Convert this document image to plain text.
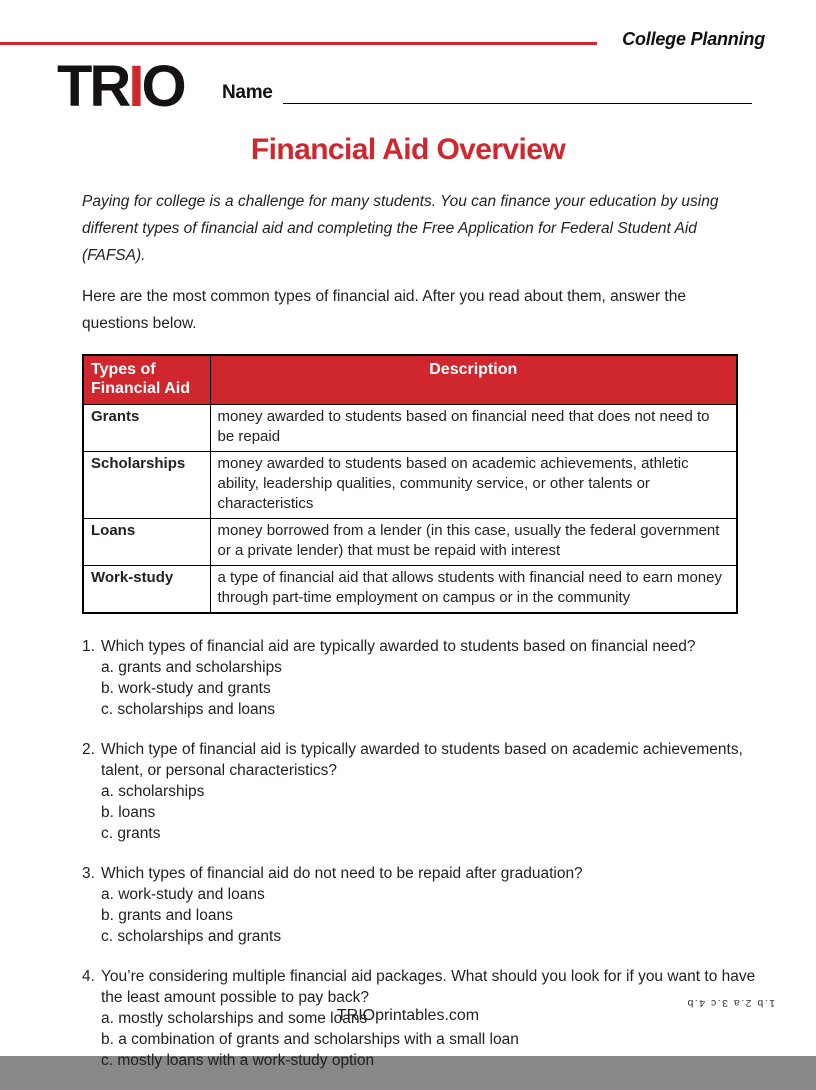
College Planning
TRIO Name
Financial Aid Overview

Paying for college is a challenge for many students. You can finance your education by using different types of financial aid and completing the Free Application for Federal Student Aid (FAFSA).

Here are the most common types of financial aid. After you read about them, answer the questions below.

Types of Financial Aid	Description
Grants	money awarded to students based on financial need that does not need to be repaid
Scholarships	money awarded to students based on academic achievements, athletic ability, leadership qualities, community service, or other talents or characteristics
Loans	money borrowed from a lender (in this case, usually the federal government or a private lender) that must be repaid with interest
Work-study	a type of financial aid that allows students with financial need to earn money through part-time employment on campus or in the community
1. Which types of financial aid are typically awarded to students based on financial need?
a. grants and scholarships
b. work-study and grants
c. scholarships and loans
2. Which type of financial aid is typically awarded to students based on academic achievements, talent, or personal characteristics?
a. scholarships
b. loans
c. grants
3. Which types of financial aid do not need to be repaid after graduation?
a. work-study and loans
b. grants and loans
c. scholarships and grants
4. You’re considering multiple financial aid packages. What should you look for if you want to have the least amount possible to pay back?
a. mostly scholarships and some loans
b. a combination of grants and scholarships with a small loan
c. mostly loans with a work-study option
TRIOprintables.com
1.b 2.a 3.c 4.b
